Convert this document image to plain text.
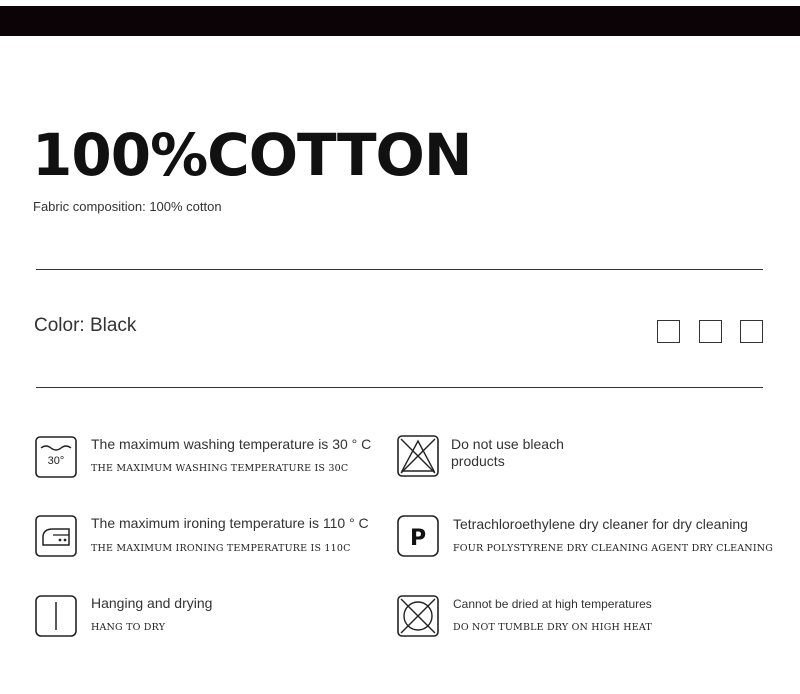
100%COTTON
Fabric composition: 100% cotton
Color: Black
30°
The maximum washing temperature is 30 ° C
THE MAXIMUM WASHING TEMPERATURE IS 30C
Do not use bleach
products
The maximum ironing temperature is 110 ° C
THE MAXIMUM IRONING TEMPERATURE IS 110C	P
Tetrachloroethylene dry cleaner for dry cleaning
FOUR POLYSTYRENE DRY CLEANING AGENT DRY CLEANING
Hanging and drying
HANG TO DRY
Cannot be dried at high temperatures
DO NOT TUMBLE DRY ON HIGH HEAT
